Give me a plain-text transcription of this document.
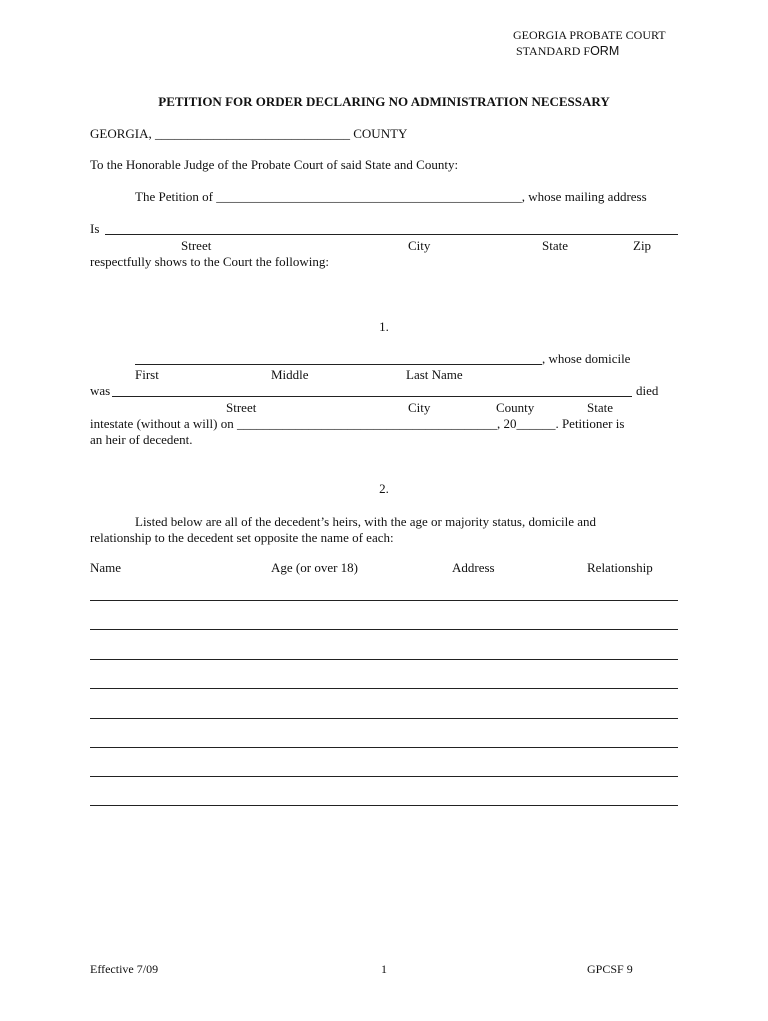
GEORGIA PROBATE COURT
STANDARD FORM
PETITION FOR ORDER DECLARING NO ADMINISTRATION NECESSARY
GEORGIA, ______________________________ COUNTY
To the Honorable Judge of the Probate Court of said State and County:
The Petition of _______________________________________________, whose mailing address
Is
Street	City	State	Zip
respectfully shows to the Court the following:
1.
, whose domicile
First	Middle	Last Name
was	died
Street	City	County	State
intestate (without a will) on ________________________________________, 20______. Petitioner is
an heir of decedent.
2.
Listed below are all of the decedent’s heirs, with the age or majority status, domicile and
relationship to the decedent set opposite the name of each:
Name	Age (or over 18)	Address	Relationship
Effective 7/09	1	GPCSF 9
